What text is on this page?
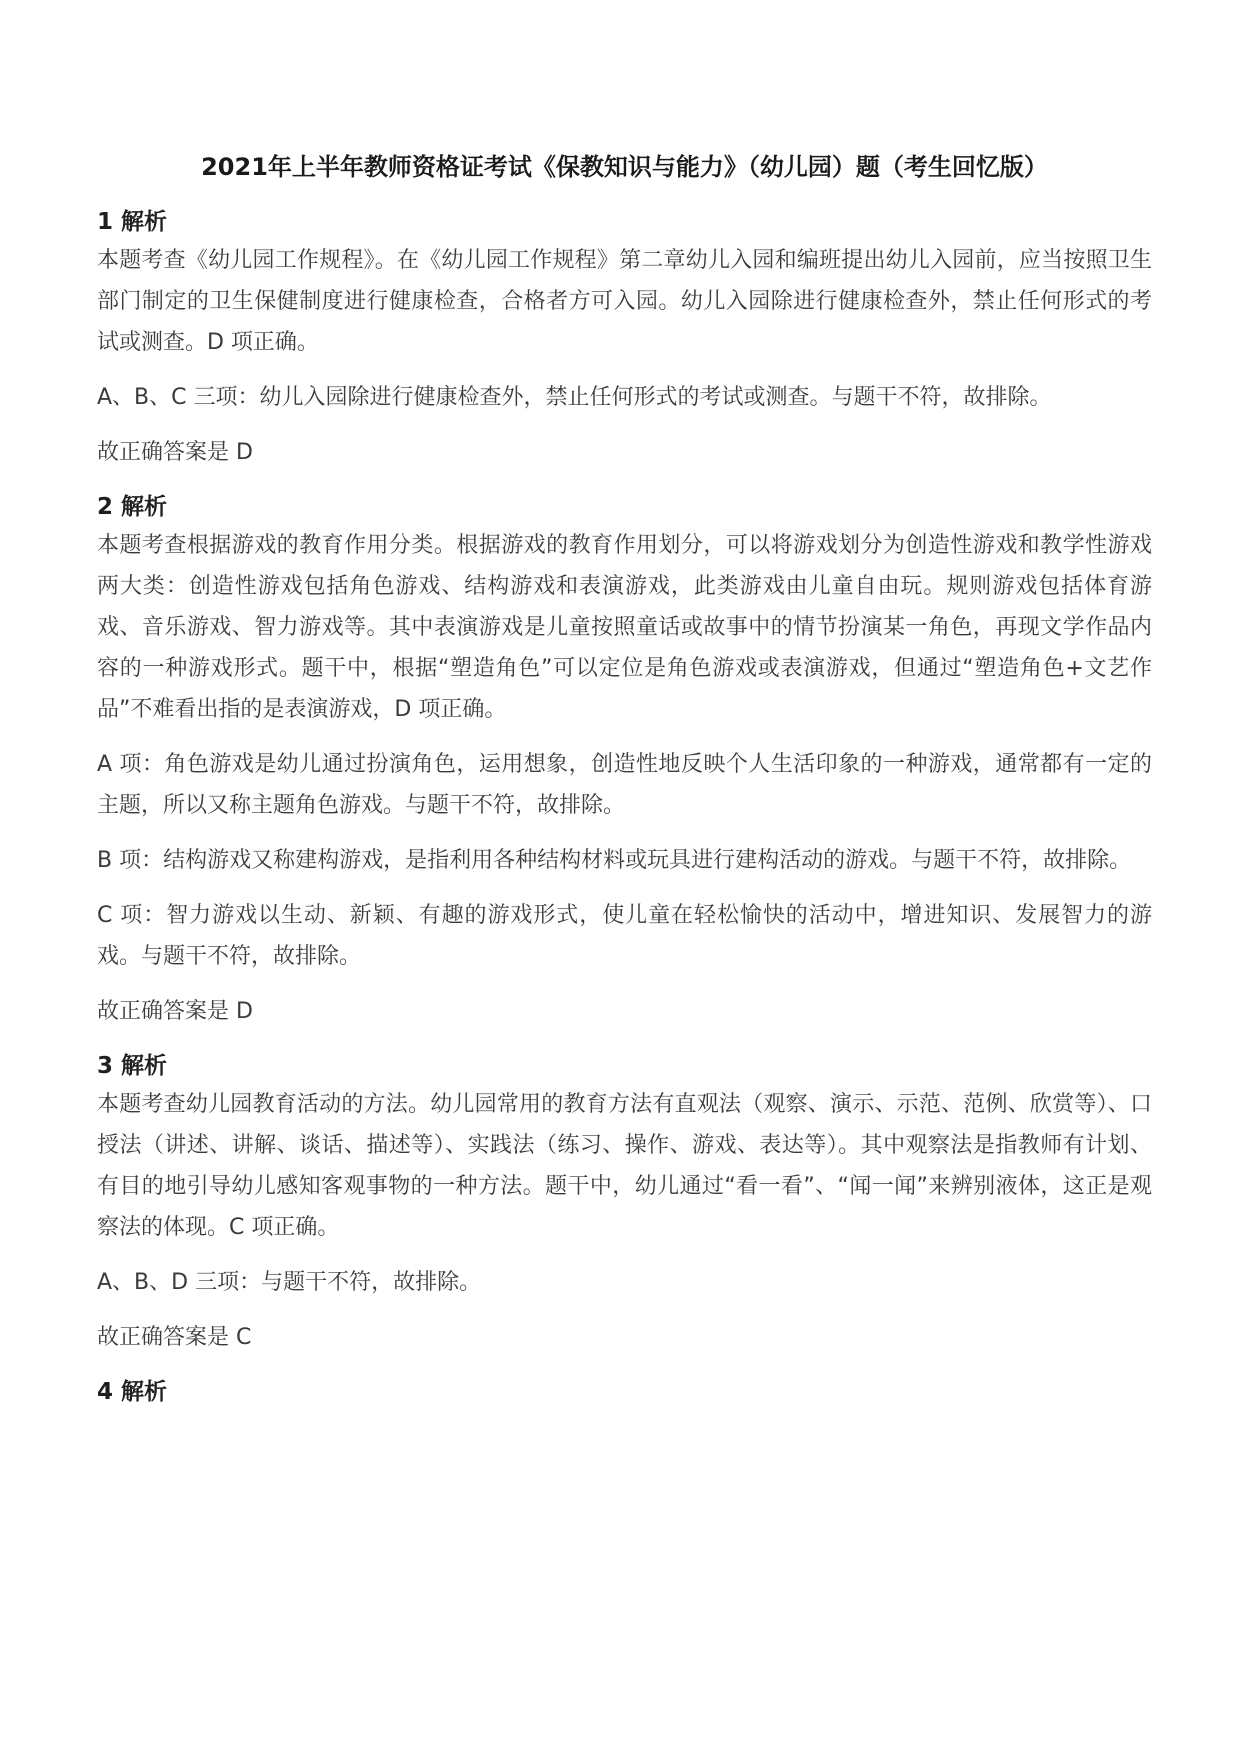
2021年上半年教师资格证考试《保教知识与能力》（幼儿园）题（考生回忆版）
1 解析

本题考查《幼儿园工作规程》。在《幼儿园工作规程》第二章幼儿入园和编班提出幼儿入园前，应当按照卫生部门制定的卫生保健制度进行健康检查，合格者方可入园。幼儿入园除进行健康检查外，禁止任何形式的考试或测查。D 项正确。

A、B、C 三项：幼儿入园除进行健康检查外，禁止任何形式的考试或测查。与题干不符，故排除。

故正确答案是 D

2 解析

本题考查根据游戏的教育作用分类。根据游戏的教育作用划分，可以将游戏划分为创造性游戏和教学性游戏两大类：创造性游戏包括角色游戏、结构游戏和表演游戏，此类游戏由儿童自由玩。规则游戏包括体育游戏、音乐游戏、智力游戏等。其中表演游戏是儿童按照童话或故事中的情节扮演某一角色，再现文学作品内容的一种游戏形式。题干中，根据“塑造角色”可以定位是角色游戏或表演游戏，但通过“塑造角色+文艺作品”不难看出指的是表演游戏，D 项正确。

A 项：角色游戏是幼儿通过扮演角色，运用想象，创造性地反映个人生活印象的一种游戏，通常都有一定的主题，所以又称主题角色游戏。与题干不符，故排除。

B 项：结构游戏又称建构游戏，是指利用各种结构材料或玩具进行建构活动的游戏。与题干不符，故排除。

C 项：智力游戏以生动、新颖、有趣的游戏形式，使儿童在轻松愉快的活动中，增进知识、发展智力的游戏。与题干不符，故排除。

故正确答案是 D

3 解析

本题考查幼儿园教育活动的方法。幼儿园常用的教育方法有直观法（观察、演示、示范、范例、欣赏等）、口授法（讲述、讲解、谈话、描述等）、实践法（练习、操作、游戏、表达等）。其中观察法是指教师有计划、有目的地引导幼儿感知客观事物的一种方法。题干中，幼儿通过“看一看”、“闻一闻”来辨别液体，这正是观察法的体现。C 项正确。

A、B、D 三项：与题干不符，故排除。

故正确答案是 C

4 解析
